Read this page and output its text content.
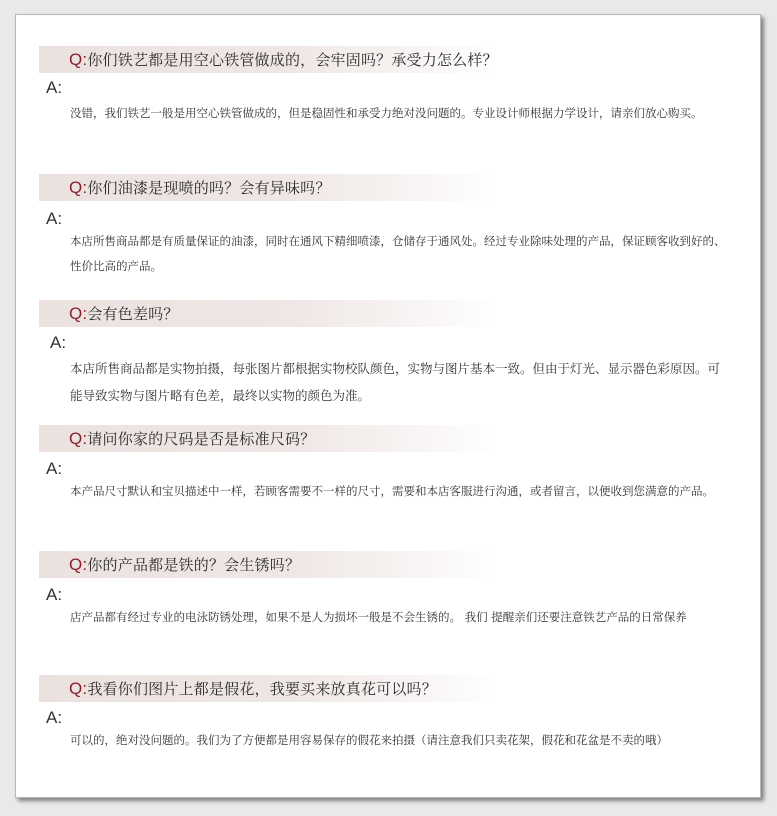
Q:你们铁艺都是用空心铁管做成的，会牢固吗？承受力怎么样？
A:
没错，我们铁艺一般是用空心铁管做成的，但是稳固性和承受力绝对没问题的。专业设计师根据力学设计，请亲们放心购买。
Q:你们油漆是现喷的吗？会有异味吗？
A:
本店所售商品都是有质量保证的油漆，同时在通风下精细喷漆，仓储存于通风处。经过专业除味处理的产品，保证顾客收到好的、性价比高的产品。
Q:会有色差吗？
A:
本店所售商品都是实物拍摄，每张图片都根据实物校队颜色，实物与图片基本一致。但由于灯光、显示器色彩原因。可能导致实物与图片略有色差，最终以实物的颜色为准。
Q:请问你家的尺码是否是标准尺码？
A:
本产品尺寸默认和宝贝描述中一样，若顾客需要不一样的尺寸，需要和本店客服进行沟通，或者留言，以便收到您满意的产品。
Q:你的产品都是铁的？会生锈吗？
A:
店产品都有经过专业的电泳防锈处理，如果不是人为损坏一般是不会生锈的。 我们 提醒亲们还要注意铁艺产品的日常保养
Q:我看你们图片上都是假花，我要买来放真花可以吗？
A:
可以的，绝对没问题的。我们为了方便都是用容易保存的假花来拍摄（请注意我们只卖花架，假花和花盆是不卖的哦）
